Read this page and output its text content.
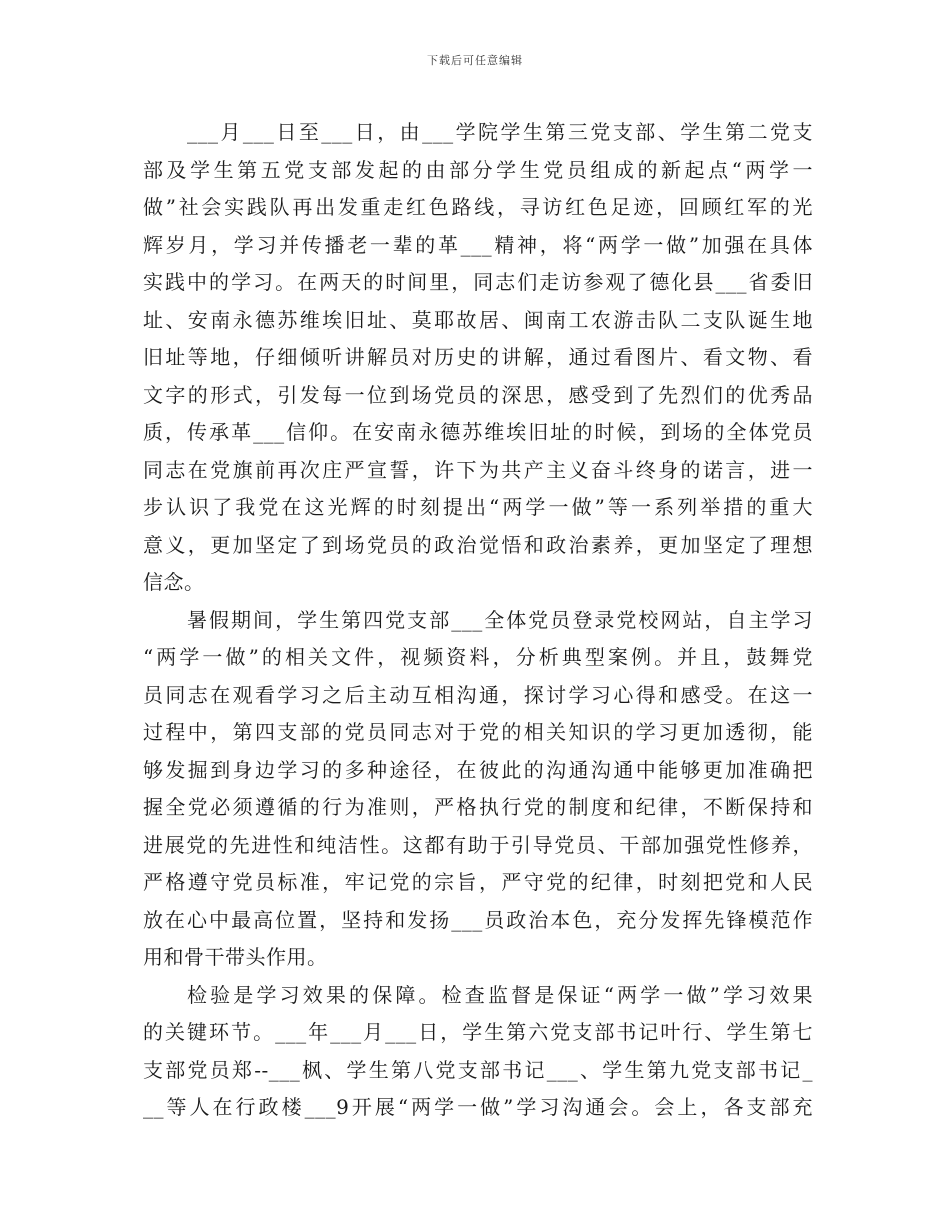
下载后可任意编辑
___月___日至___日，由___学院学生第三党支部、学生第二党支
部及学生第五党支部发起的由部分学生党员组成的新起点“两学一
做”社会实践队再出发重走红色路线，寻访红色足迹，回顾红军的光
辉岁月，学习并传播老一辈的革___精神，将“两学一做”加强在具体
实践中的学习。在两天的时间里，同志们走访参观了德化县___省委旧
址、安南永德苏维埃旧址、莫耶故居、闽南工农游击队二支队诞生地
旧址等地，仔细倾听讲解员对历史的讲解，通过看图片、看文物、看
文字的形式，引发每一位到场党员的深思，感受到了先烈们的优秀品
质，传承革___信仰。在安南永德苏维埃旧址的时候，到场的全体党员
同志在党旗前再次庄严宣誓，许下为共产主义奋斗终身的诺言，进一
步认识了我党在这光辉的时刻提出“两学一做”等一系列举措的重大
意义，更加坚定了到场党员的政治觉悟和政治素养，更加坚定了理想
信念。
暑假期间，学生第四党支部___全体党员登录党校网站，自主学习
“两学一做”的相关文件，视频资料，分析典型案例。并且，鼓舞党
员同志在观看学习之后主动互相沟通，探讨学习心得和感受。在这一
过程中，第四支部的党员同志对于党的相关知识的学习更加透彻，能
够发掘到身边学习的多种途径，在彼此的沟通沟通中能够更加准确把
握全党必须遵循的行为准则，严格执行党的制度和纪律，不断保持和
进展党的先进性和纯洁性。这都有助于引导党员、干部加强党性修养，
严格遵守党员标准，牢记党的宗旨，严守党的纪律，时刻把党和人民
放在心中最高位置，坚持和发扬___员政治本色，充分发挥先锋模范作
用和骨干带头作用。
检验是学习效果的保障。检查监督是保证“两学一做”学习效果
的关键环节。___年___月___日，学生第六党支部书记叶行、学生第七
支部党员郑--___枫、学生第八党支部书记___、学生第九党支部书记_
__等人在行政楼___9开展“两学一做”学习沟通会。会上，各支部充
